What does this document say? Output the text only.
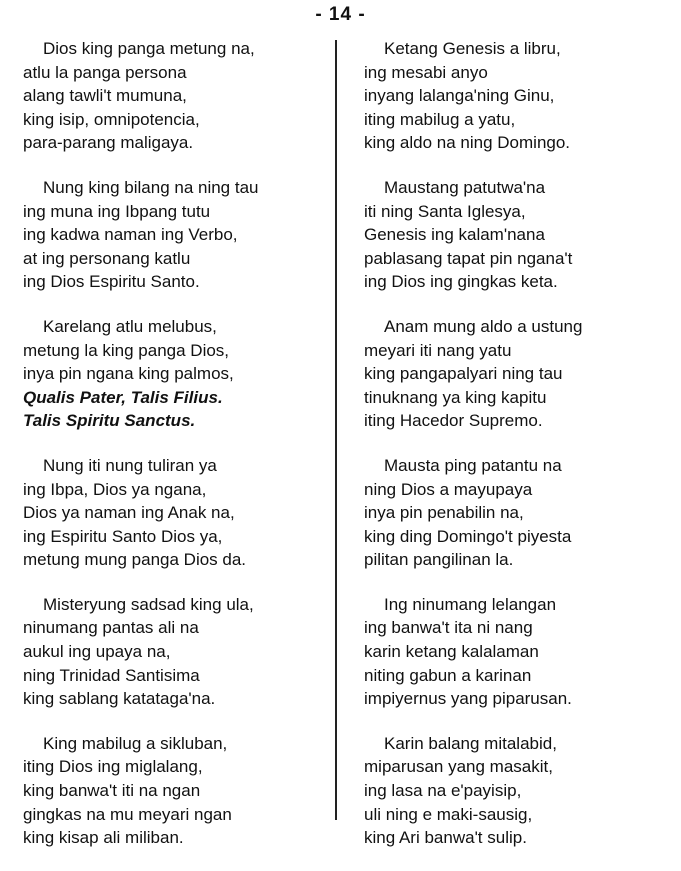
- 14 -
Dios king panga metung na,
atlu la panga persona
alang tawli't mumuna,
king isip, omnipotencia,
para-parang maligaya.
Nung king bilang na ning tau
ing muna ing Ibpang tutu
ing kadwa naman ing Verbo,
at ing personang katlu
ing Dios Espiritu Santo.
Karelang atlu melubus,
metung la king panga Dios,
inya pin ngana king palmos,
Qualis Pater, Talis Filius.
Talis Spiritu Sanctus.
Nung iti nung tuliran ya
ing Ibpa, Dios ya ngana,
Dios ya naman ing Anak na,
ing Espiritu Santo Dios ya,
metung mung panga Dios da.
Misteryung sadsad king ula,
ninumang pantas ali na
aukul ing upaya na,
ning Trinidad Santisima
king sablang katataga'na.
King mabilug a sikluban,
iting Dios ing miglalang,
king banwa't iti na ngan
gingkas na mu meyari ngan
king kisap ali miliban.
Ketang Genesis a libru,
ing mesabi anyo
inyang lalanga'ning Ginu,
iting mabilug a yatu,
king aldo na ning Domingo.
Maustang patutwa'na
iti ning Santa Iglesya,
Genesis ing kalam'nana
pablasang tapat pin ngana't
ing Dios ing gingkas keta.
Anam mung aldo a ustung
meyari iti nang yatu
king pangapalyari ning tau
tinuknang ya king kapitu
iting Hacedor Supremo.
Mausta ping patantu na
ning Dios a mayupaya
inya pin penabilin na,
king ding Domingo't piyesta
pilitan pangilinan la.
Ing ninumang lelangan
ing banwa't ita ni nang
karin ketang kalalaman
niting gabun a karinan
impiyernus yang piparusan.
Karin balang mitalabid,
miparusan yang masakit,
ing lasa na e'payisip,
uli ning e maki-sausig,
king Ari banwa't sulip.
